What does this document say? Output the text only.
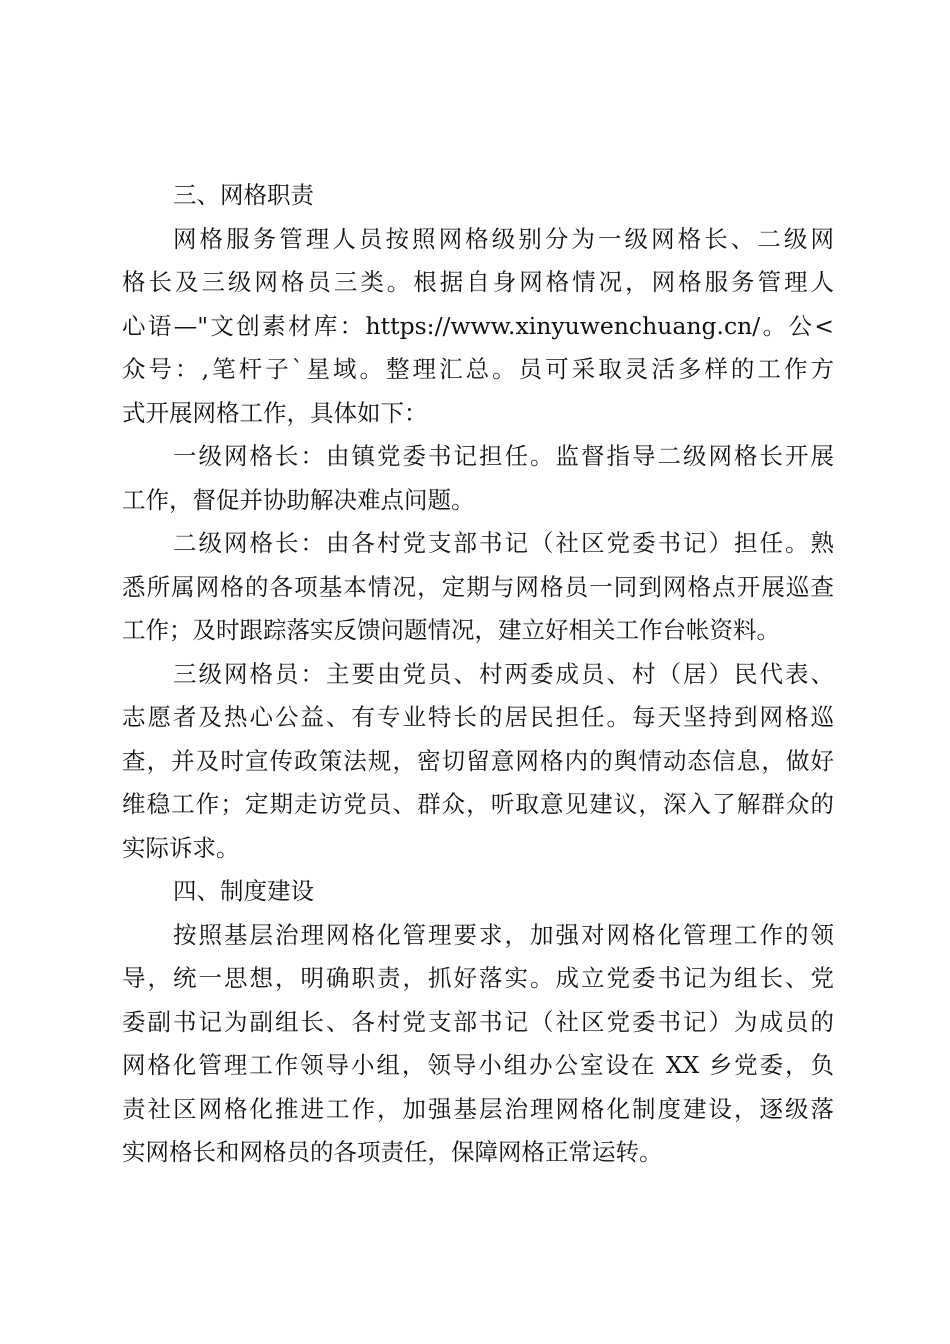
三、网格职责
网格服务管理人员按照网格级别分为一级网格长、二级网
格长及三级网格员三类。根据自身网格情况，网格服务管理人
心语—"文创素材库：https://www.xinyuwenchuang.cn/。公<
众号：,笔杆子`星域。整理汇总。员可采取灵活多样的工作方
式开展网格工作，具体如下：
一级网格长：由镇党委书记担任。监督指导二级网格长开展
工作，督促并协助解决难点问题。
二级网格长：由各村党支部书记（社区党委书记）担任。熟
悉所属网格的各项基本情况，定期与网格员一同到网格点开展巡查
工作；及时跟踪落实反馈问题情况，建立好相关工作台帐资料。
三级网格员：主要由党员、村两委成员、村（居）民代表、
志愿者及热心公益、有专业特长的居民担任。每天坚持到网格巡
查，并及时宣传政策法规，密切留意网格内的舆情动态信息，做好
维稳工作；定期走访党员、群众，听取意见建议，深入了解群众的
实际诉求。
四、制度建设
按照基层治理网格化管理要求，加强对网格化管理工作的领
导，统一思想，明确职责，抓好落实。成立党委书记为组长、党
委副书记为副组长、各村党支部书记（社区党委书记）为成员的
网格化管理工作领导小组，领导小组办公室设在 XX 乡党委，负
责社区网格化推进工作，加强基层治理网格化制度建设，逐级落
实网格长和网格员的各项责任，保障网格正常运转。
